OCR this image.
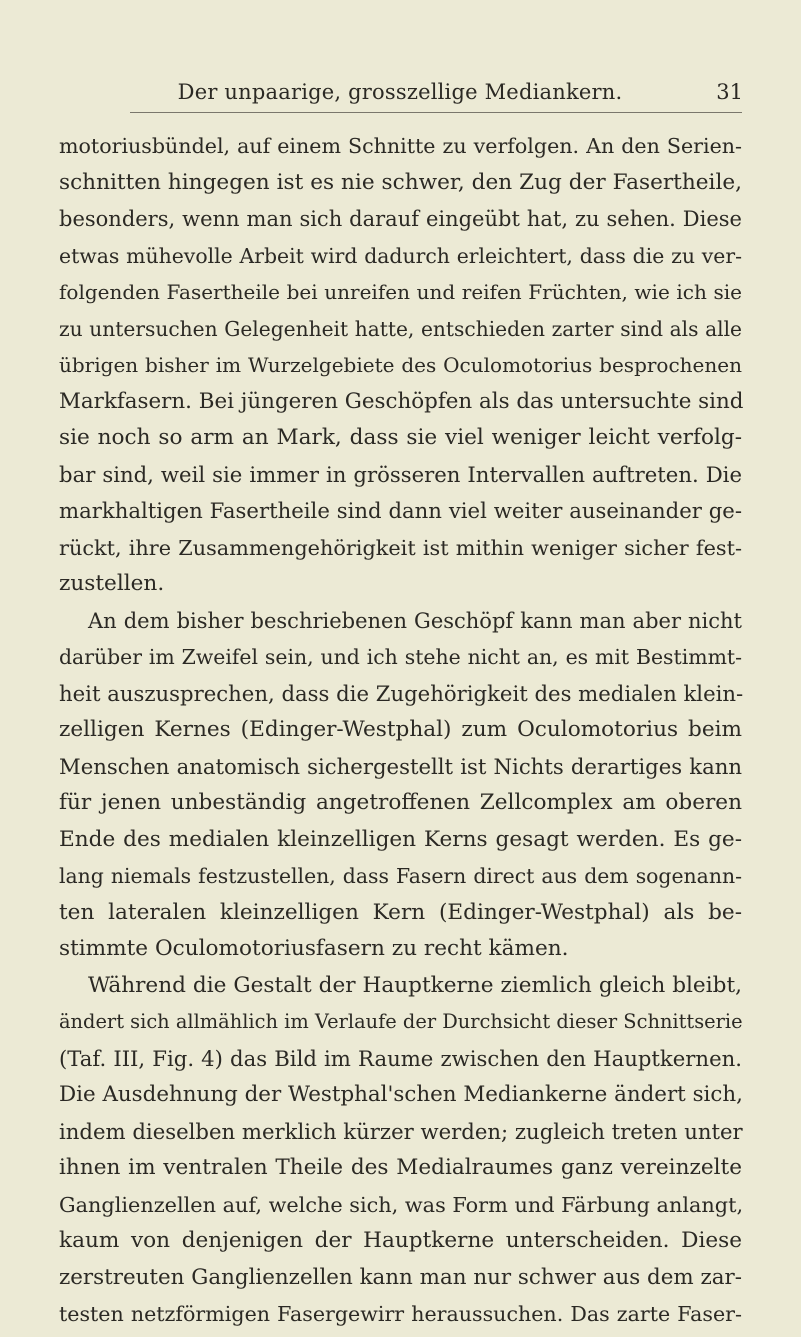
Der unpaarige, grosszellige Mediankern.	31
motoriusbündel, auf einem Schnitte zu verfolgen. An den Serien-
schnitten hingegen ist es nie schwer, den Zug der Fasertheile,
besonders, wenn man sich darauf eingeübt hat, zu sehen. Diese
etwas mühevolle Arbeit wird dadurch erleichtert, dass die zu ver-
folgenden Fasertheile bei unreifen und reifen Früchten, wie ich sie
zu untersuchen Gelegenheit hatte, entschieden zarter sind als alle
übrigen bisher im Wurzelgebiete des Oculomotorius besprochenen
Markfasern. Bei jüngeren Geschöpfen als das untersuchte sind
sie noch so arm an Mark, dass sie viel weniger leicht verfolg-
bar sind, weil sie immer in grösseren Intervallen auftreten. Die
markhaltigen Fasertheile sind dann viel weiter auseinander ge-
rückt, ihre Zusammengehörigkeit ist mithin weniger sicher fest-
zustellen.
An dem bisher beschriebenen Geschöpf kann man aber nicht
darüber im Zweifel sein, und ich stehe nicht an, es mit Bestimmt-
heit auszusprechen, dass die Zugehörigkeit des medialen klein-
zelligen Kernes (Edinger-Westphal) zum Oculomotorius beim
Menschen anatomisch sichergestellt ist Nichts derartiges kann
für jenen unbeständig angetroffenen Zellcomplex am oberen
Ende des medialen kleinzelligen Kerns gesagt werden. Es ge-
lang niemals festzustellen, dass Fasern direct aus dem sogenann-
ten lateralen kleinzelligen Kern (Edinger-Westphal) als be-
stimmte Oculomotoriusfasern zu recht kämen.
Während die Gestalt der Hauptkerne ziemlich gleich bleibt,
ändert sich allmählich im Verlaufe der Durchsicht dieser Schnittserie
(Taf. III, Fig. 4) das Bild im Raume zwischen den Hauptkernen.
Die Ausdehnung der Westphal'schen Mediankerne ändert sich,
indem dieselben merklich kürzer werden; zugleich treten unter
ihnen im ventralen Theile des Medialraumes ganz vereinzelte
Ganglienzellen auf, welche sich, was Form und Färbung anlangt,
kaum von denjenigen der Hauptkerne unterscheiden. Diese
zerstreuten Ganglienzellen kann man nur schwer aus dem zar-
testen netzförmigen Fasergewirr heraussuchen. Das zarte Faser-
